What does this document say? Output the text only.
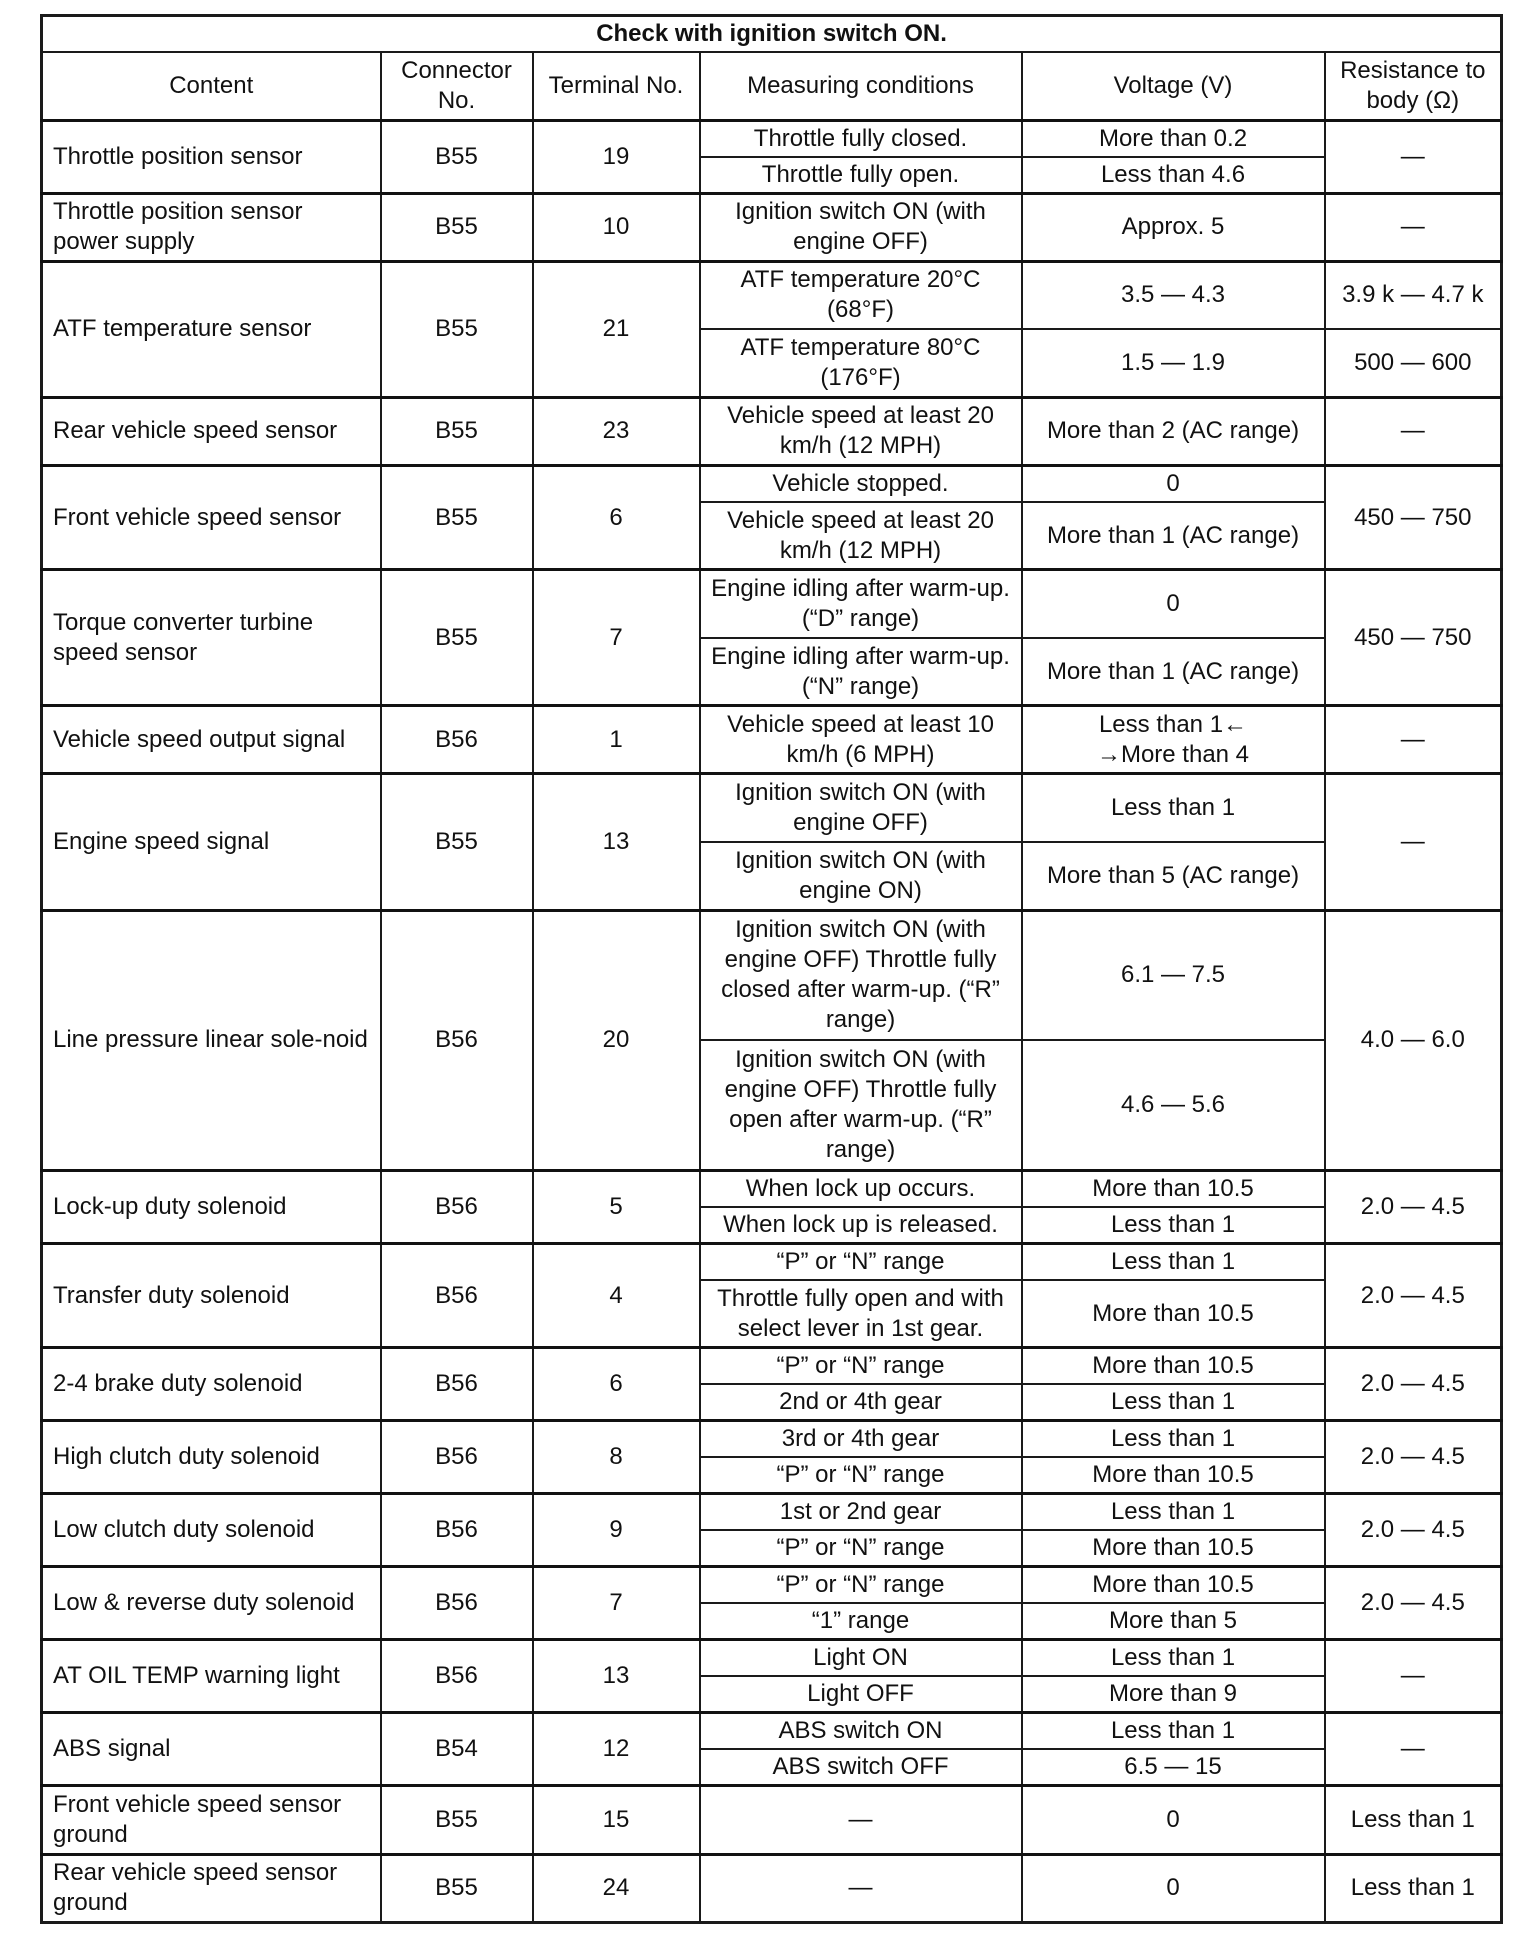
Check with ignition switch ON.					
Content	Connector No.	Terminal No.	Measuring conditions	Voltage (V)	Resistance to body (Ω)
Throttle position sensor	B55	19	Throttle fully closed.	More than 0.2	—
			Throttle fully open.	Less than 4.6	
Throttle position sensor power supply	B55	10	Ignition switch ON (with engine OFF)	Approx. 5	—
ATF temperature sensor	B55	21	ATF temperature 20°C (68°F)	3.5 — 4.3	3.9 k — 4.7 k
			ATF temperature 80°C (176°F)	1.5 — 1.9	500 — 600
Rear vehicle speed sensor	B55	23	Vehicle speed at least 20 km/h (12 MPH)	More than 2 (AC range)	—
Front vehicle speed sensor	B55	6	Vehicle stopped.	0	450 — 750
			Vehicle speed at least 20 km/h (12 MPH)	More than 1 (AC range)	
Torque converter turbine speed sensor	B55	7	Engine idling after warm-up. (“D” range)	0	450 — 750
			Engine idling after warm-up. (“N” range)	More than 1 (AC range)	
Vehicle speed output signal	B56	1	Vehicle speed at least 10 km/h (6 MPH)	Less than 1←
→More than 4	—
Engine speed signal	B55	13	Ignition switch ON (with engine OFF)	Less than 1	—
			Ignition switch ON (with engine ON)	More than 5 (AC range)	
Line pressure linear sole-noid	B56	20	Ignition switch ON (with engine OFF) Throttle fully closed after warm-up. (“R” range)	6.1 — 7.5	4.0 — 6.0
			Ignition switch ON (with engine OFF) Throttle fully open after warm-up. (“R” range)	4.6 — 5.6	
Lock-up duty solenoid	B56	5	When lock up occurs.	More than 10.5	2.0 — 4.5
			When lock up is released.	Less than 1	
Transfer duty solenoid	B56	4	“P” or “N” range	Less than 1	2.0 — 4.5
			Throttle fully open and with select lever in 1st gear.	More than 10.5	
2-4 brake duty solenoid	B56	6	“P” or “N” range	More than 10.5	2.0 — 4.5
			2nd or 4th gear	Less than 1	
High clutch duty solenoid	B56	8	3rd or 4th gear	Less than 1	2.0 — 4.5
			“P” or “N” range	More than 10.5	
Low clutch duty solenoid	B56	9	1st or 2nd gear	Less than 1	2.0 — 4.5
			“P” or “N” range	More than 10.5	
Low & reverse duty solenoid	B56	7	“P” or “N” range	More than 10.5	2.0 — 4.5
			“1” range	More than 5	
AT OIL TEMP warning light	B56	13	Light ON	Less than 1	—
			Light OFF	More than 9	
ABS signal	B54	12	ABS switch ON	Less than 1	—
			ABS switch OFF	6.5 — 15	
Front vehicle speed sensor ground	B55	15	—	0	Less than 1
Rear vehicle speed sensor ground	B55	24	—	0	Less than 1
